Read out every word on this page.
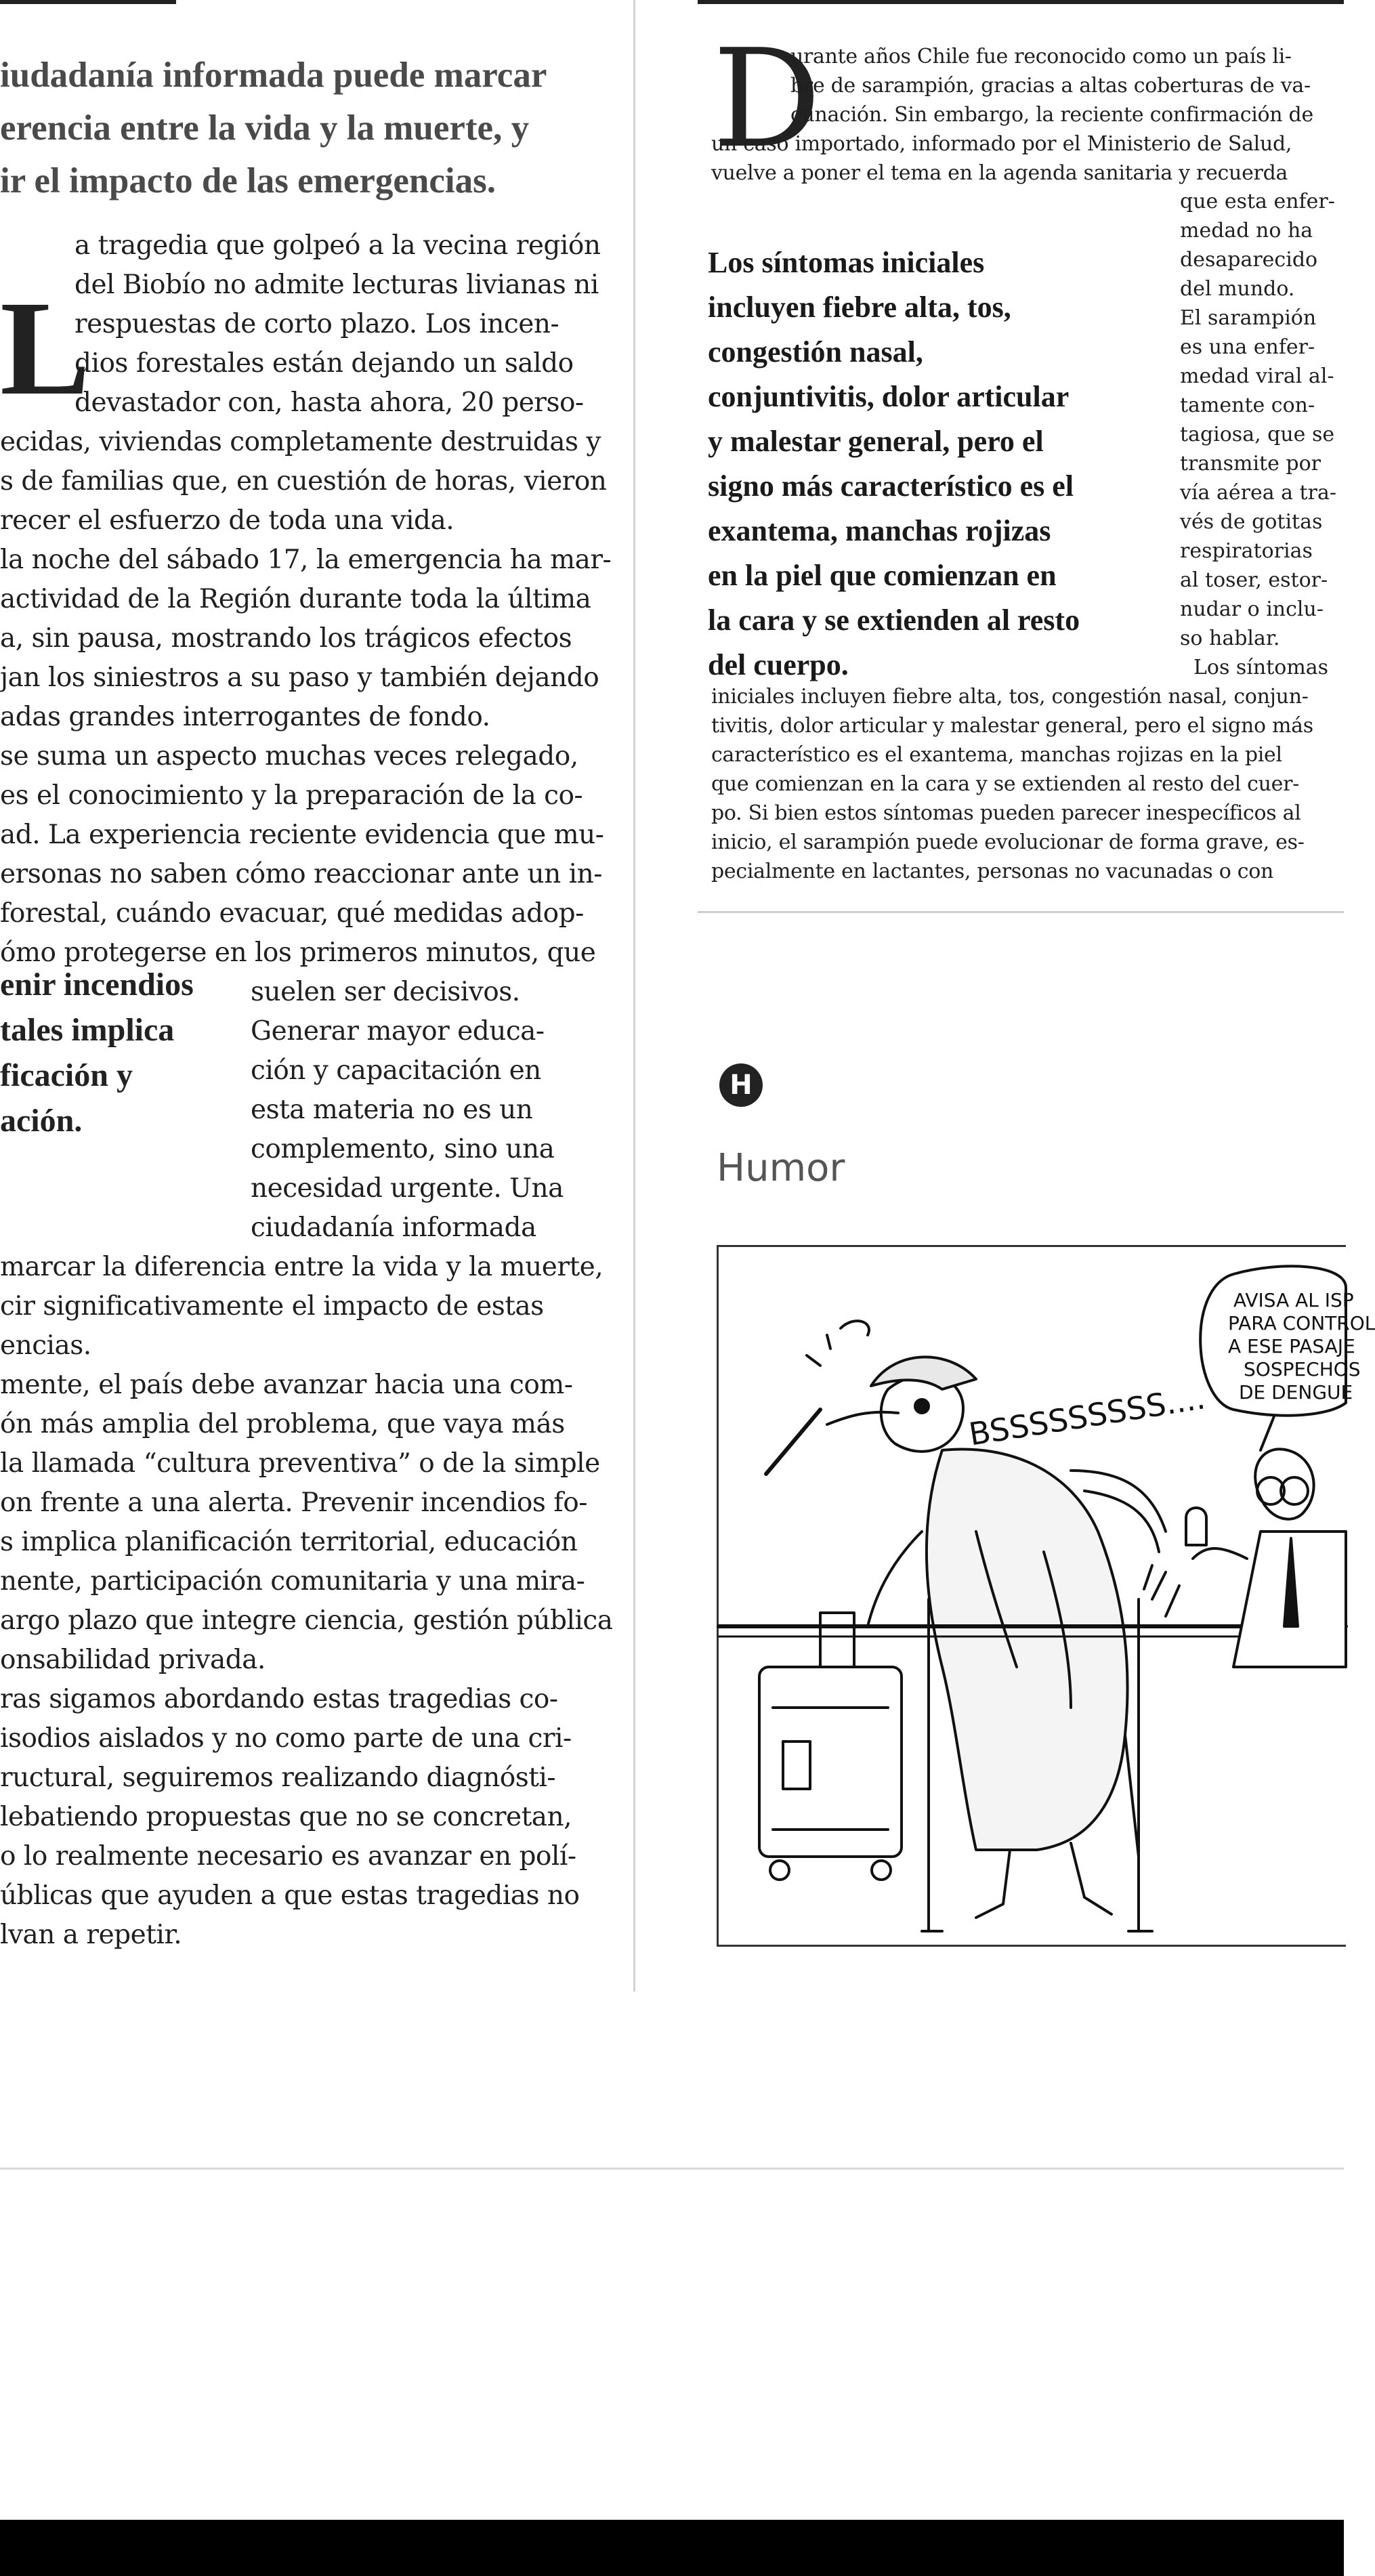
iudadanía informada puede marcar
erencia entre la vida y la muerte, y
ir el impacto de las emergencias.
L
a tragedia que golpeó a la vecina región
del Biobío no admite lecturas livianas ni
respuestas de corto plazo. Los incen-
dios forestales están dejando un saldo
devastador con, hasta ahora, 20 perso-
ecidas, viviendas completamente destruidas y
s de familias que, en cuestión de horas, vieron
recer el esfuerzo de toda una vida.
la noche del sábado 17, la emergencia ha mar-
actividad de la Región durante toda la última
a, sin pausa, mostrando los trágicos efectos
jan los siniestros a su paso y también dejando
adas grandes interrogantes de fondo.
se suma un aspecto muchas veces relegado,
es el conocimiento y la preparación de la co-
ad. La experiencia reciente evidencia que mu-
ersonas no saben cómo reaccionar ante un in-
forestal, cuándo evacuar, qué medidas adop-
ómo protegerse en los primeros minutos, que
enir incendios
tales implica
ficación y
ación.
suelen ser decisivos.
Generar mayor educa-
ción y capacitación en
esta materia no es un
complemento, sino una
necesidad urgente. Una
ciudadanía informada
marcar la diferencia entre la vida y la muerte,
cir significativamente el impacto de estas
encias.
mente, el país debe avanzar hacia una com-
ón más amplia del problema, que vaya más
la llamada “cultura preventiva” o de la simple
on frente a una alerta. Prevenir incendios fo-
s implica planificación territorial, educación
nente, participación comunitaria y una mira-
argo plazo que integre ciencia, gestión pública
onsabilidad privada.
ras sigamos abordando estas tragedias co-
isodios aislados y no como parte de una cri-
ructural, seguiremos realizando diagnósti-
lebatiendo propuestas que no se concretan,
o lo realmente necesario es avanzar en polí-
úblicas que ayuden a que estas tragedias no
lvan a repetir.
D
urante años Chile fue reconocido como un país li-
bre de sarampión, gracias a altas coberturas de va-
cunación. Sin embargo, la reciente confirmación de
un caso importado, informado por el Ministerio de Salud,
vuelve a poner el tema en la agenda sanitaria y recuerda
Los síntomas iniciales
incluyen fiebre alta, tos,
congestión nasal,
conjuntivitis, dolor articular
y malestar general, pero el
signo más característico es el
exantema, manchas rojizas
en la piel que comienzan en
la cara y se extienden al resto
del cuerpo.
que esta enfer-
medad no ha
desaparecido
del mundo.
El sarampión
es una enfer-
medad viral al-
tamente con-
tagiosa, que se
transmite por
vía aérea a tra-
vés de gotitas
respiratorias
al toser, estor-
nudar o inclu-
so hablar.
Los síntomas
iniciales incluyen fiebre alta, tos, congestión nasal, conjun-
tivitis, dolor articular y malestar general, pero el signo más
característico es el exantema, manchas rojizas en la piel
que comienzan en la cara y se extienden al resto del cuer-
po. Si bien estos síntomas pueden parecer inespecíficos al
inicio, el sarampión puede evolucionar de forma grave, es-
pecialmente en lactantes, personas no vacunadas o con
H
Humor
AVISA AL ISP
PARA CONTROL
A ESE PASAJE
SOSPECHOS
DE DENGUE
BSSSSSSSSS....
